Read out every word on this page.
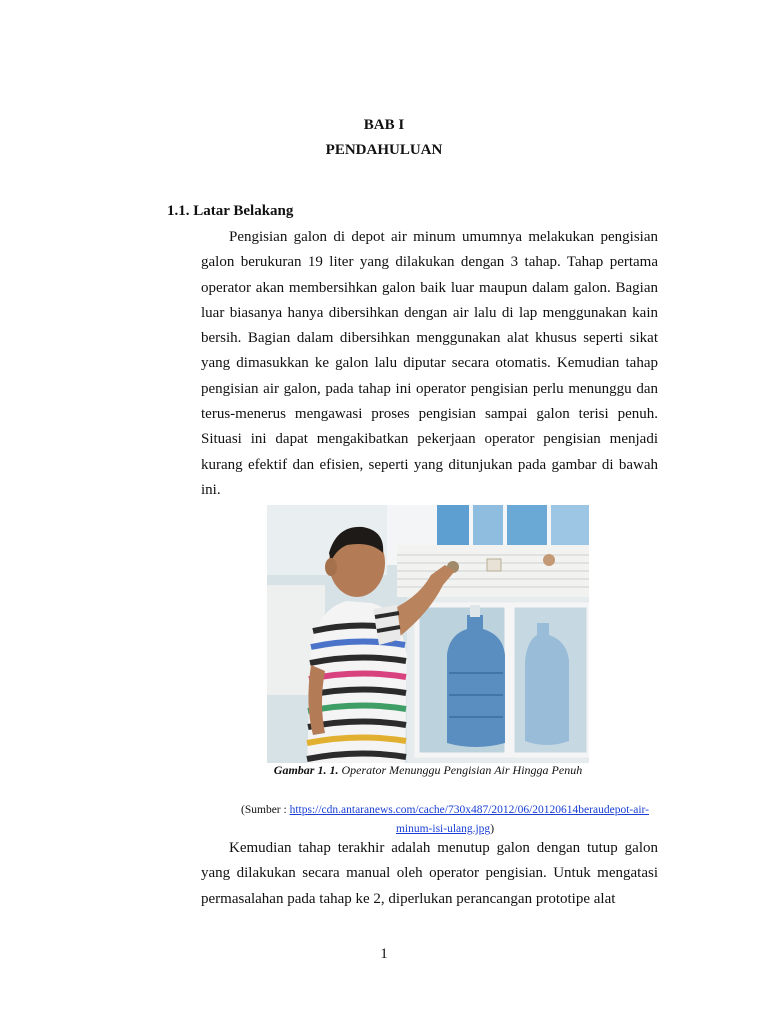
BAB I
PENDAHULUAN
1.1. Latar Belakang

Pengisian galon di depot air minum umumnya melakukan pengisian galon berukuran 19 liter yang dilakukan dengan 3 tahap. Tahap pertama operator akan membersihkan galon baik luar maupun dalam galon. Bagian luar biasanya hanya dibersihkan dengan air lalu di lap menggunakan kain bersih. Bagian dalam dibersihkan menggunakan alat khusus seperti sikat yang dimasukkan ke galon lalu diputar secara otomatis. Kemudian tahap pengisian air galon, pada tahap ini operator pengisian perlu menunggu dan terus-menerus mengawasi proses pengisian sampai galon terisi penuh. Situasi ini dapat mengakibatkan pekerjaan operator pengisian menjadi kurang efektif dan efisien, seperti yang ditunjukan pada gambar di bawah ini.

Gambar 1. 1. Operator Menunggu Pengisian Air Hingga Penuh
(Sumber : https://cdn.antaranews.com/cache/730x487/2012/06/20120614beraudepot-air-minum-isi-ulang.jpg)

Kemudian tahap terakhir adalah menutup galon dengan tutup galon yang dilakukan secara manual oleh operator pengisian. Untuk mengatasi permasalahan pada tahap ke 2, diperlukan perancangan prototipe alat

1
